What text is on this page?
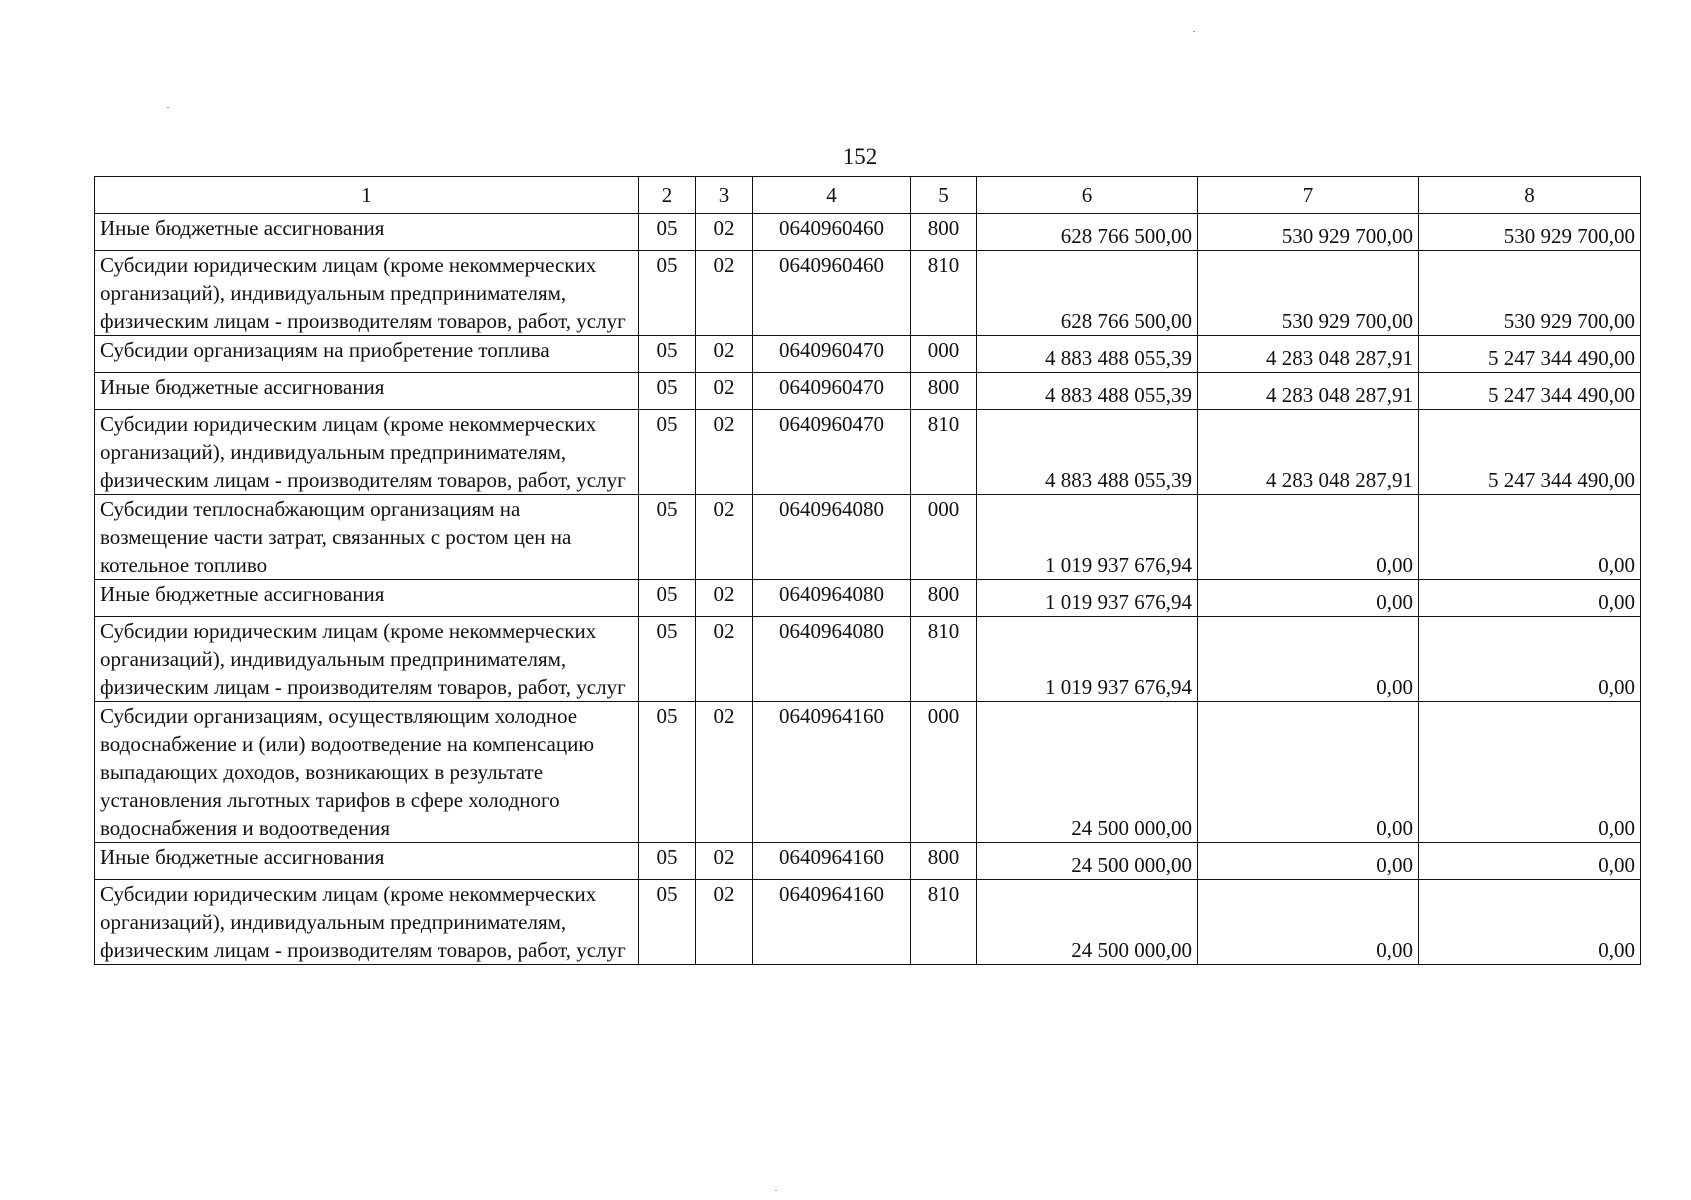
152
1	2	3	4	5	6	7	8
Иные бюджетные ассигнования	05	02	0640960460	800	628 766 500,00	530 929 700,00	530 929 700,00
Субсидии юридическим лицам (кроме некоммерческих организаций), индивидуальным предпринимателям, физическим лицам - производителям товаров, работ, услуг	05	02	0640960460	810	628 766 500,00	530 929 700,00	530 929 700,00
Субсидии организациям на приобретение топлива	05	02	0640960470	000	4 883 488 055,39	4 283 048 287,91	5 247 344 490,00
Иные бюджетные ассигнования	05	02	0640960470	800	4 883 488 055,39	4 283 048 287,91	5 247 344 490,00
Субсидии юридическим лицам (кроме некоммерческих организаций), индивидуальным предпринимателям, физическим лицам - производителям товаров, работ, услуг	05	02	0640960470	810	4 883 488 055,39	4 283 048 287,91	5 247 344 490,00
Субсидии теплоснабжающим организациям на возмещение части затрат, связанных с ростом цен на котельное топливо	05	02	0640964080	000	1 019 937 676,94	0,00	0,00
Иные бюджетные ассигнования	05	02	0640964080	800	1 019 937 676,94	0,00	0,00
Субсидии юридическим лицам (кроме некоммерческих организаций), индивидуальным предпринимателям, физическим лицам - производителям товаров, работ, услуг	05	02	0640964080	810	1 019 937 676,94	0,00	0,00
Субсидии организациям, осуществляющим холодное водоснабжение и (или) водоотведение на компенсацию выпадающих доходов, возникающих в результате установления льготных тарифов в сфере холодного водоснабжения и водоотведения	05	02	0640964160	000	24 500 000,00	0,00	0,00
Иные бюджетные ассигнования	05	02	0640964160	800	24 500 000,00	0,00	0,00
Субсидии юридическим лицам (кроме некоммерческих организаций), индивидуальным предпринимателям, физическим лицам - производителям товаров, работ, услуг	05	02	0640964160	810	24 500 000,00	0,00	0,00
